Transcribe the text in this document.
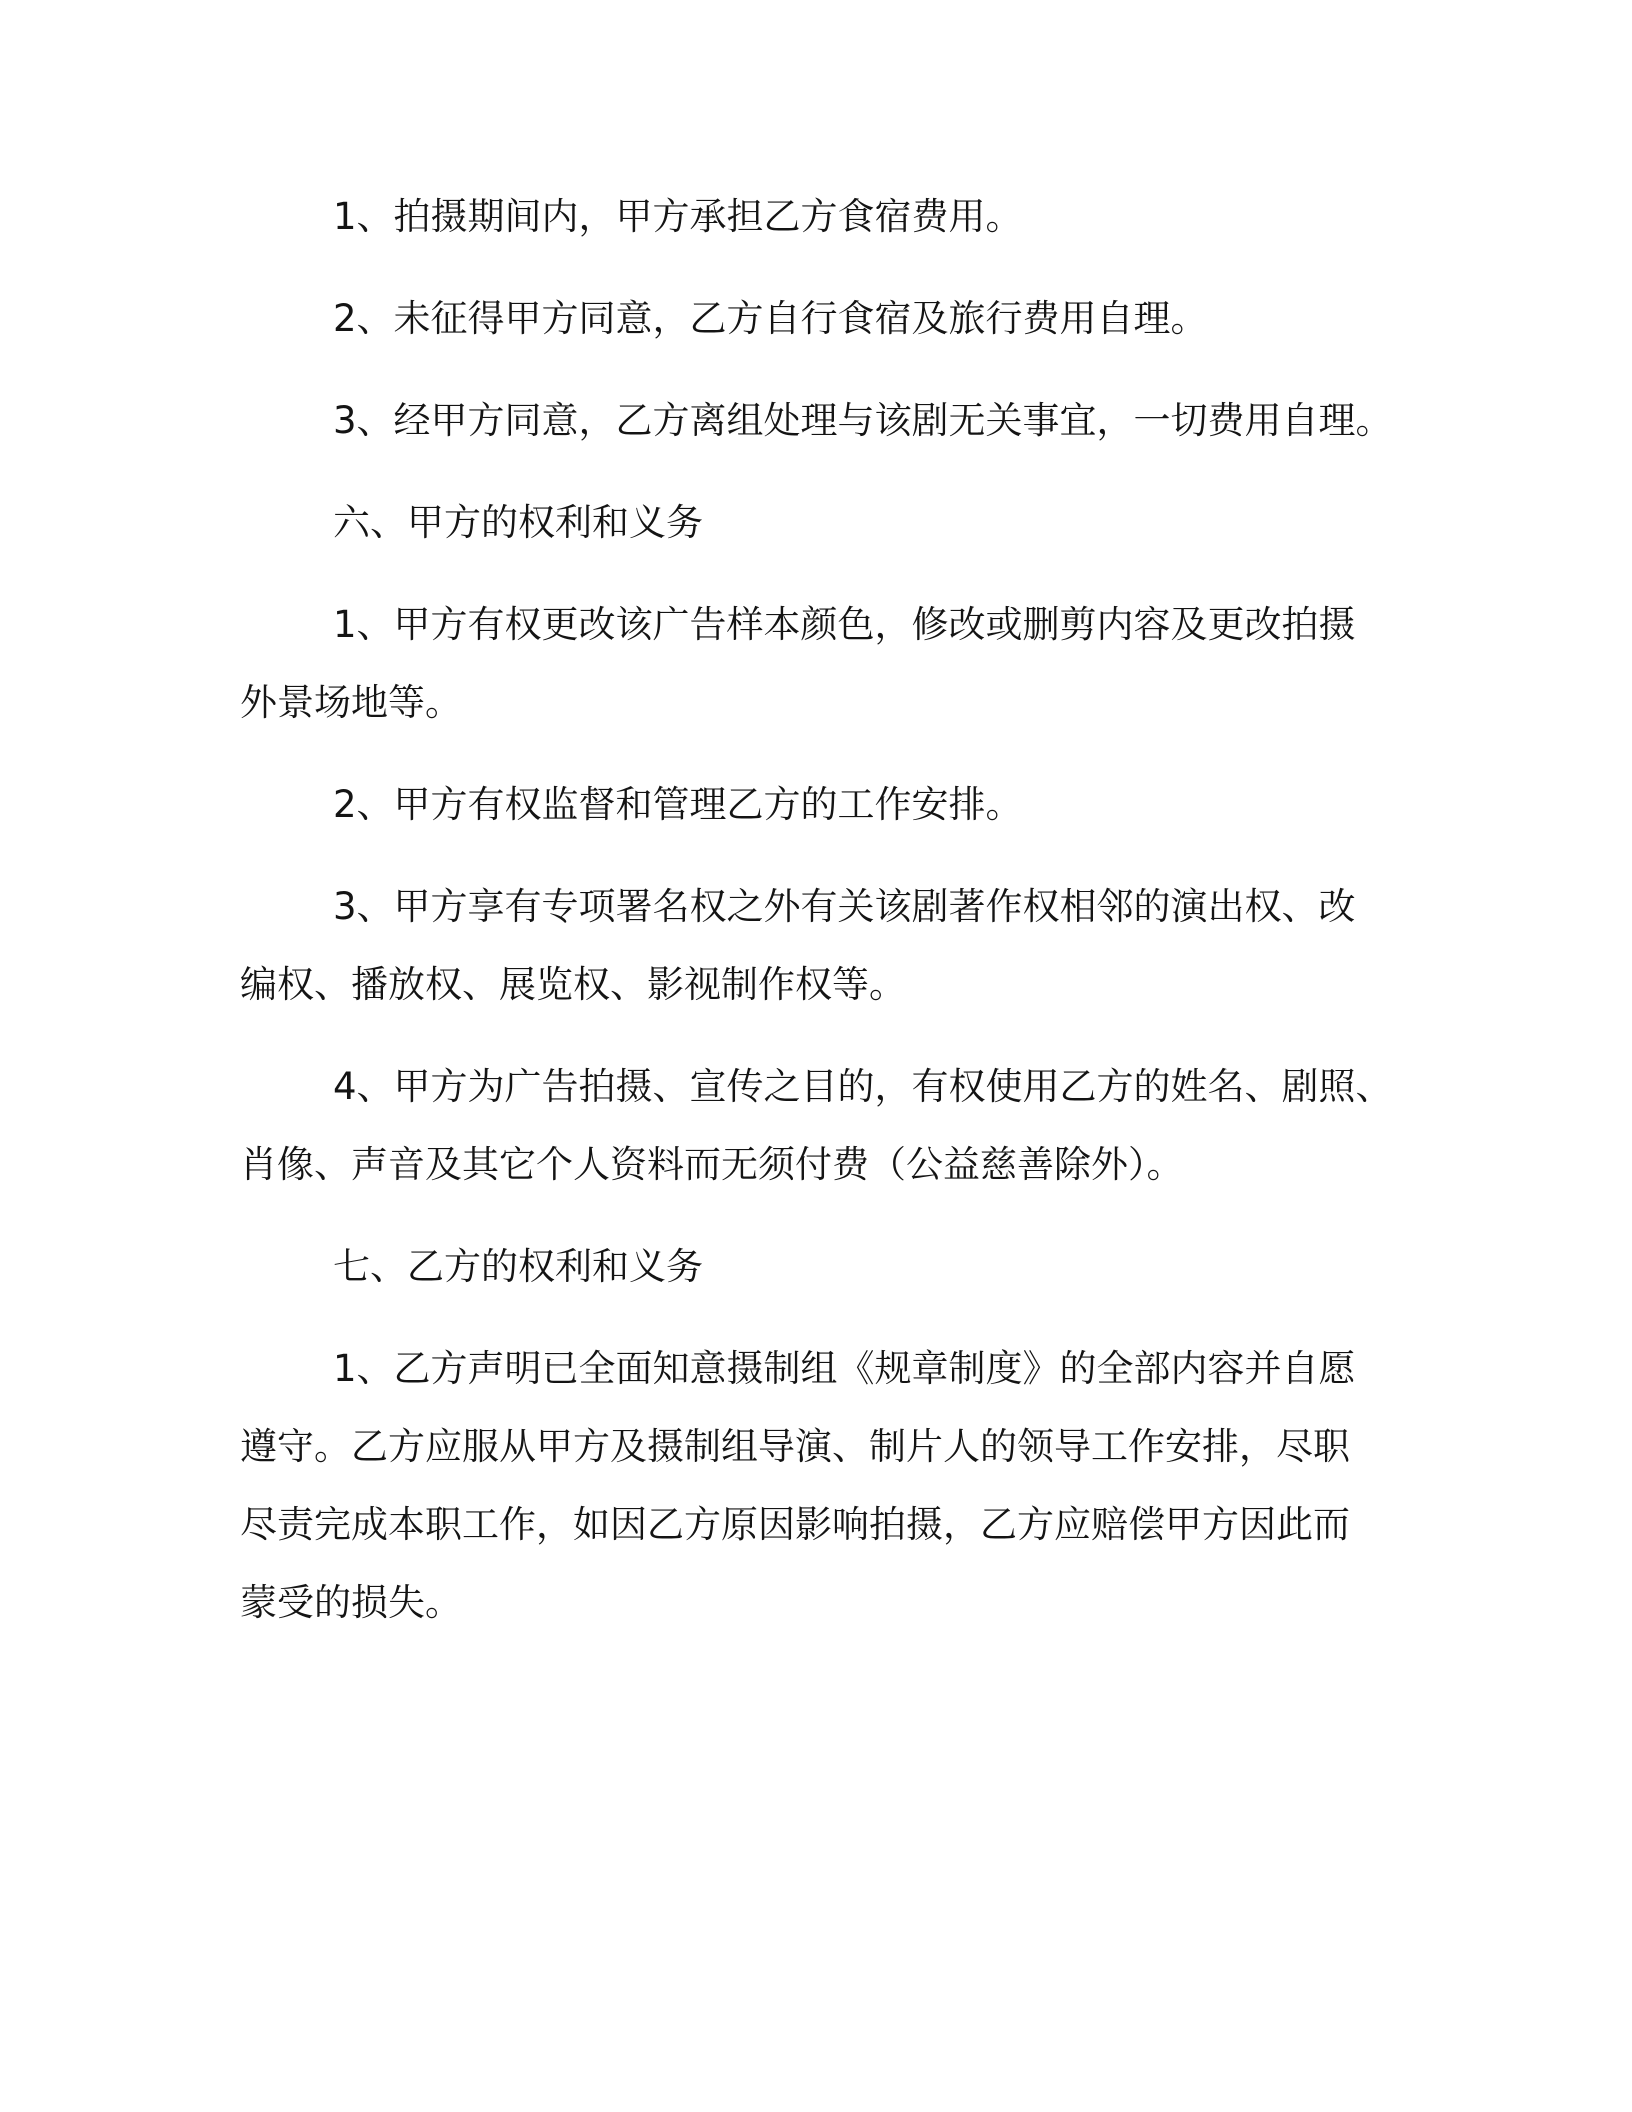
1、拍摄期间内，甲方承担乙方食宿费用。

2、未征得甲方同意，乙方自行食宿及旅行费用自理。

3、经甲方同意，乙方离组处理与该剧无关事宜，一切费用自理。

六、甲方的权利和义务

1、甲方有权更改该广告样本颜色，修改或删剪内容及更改拍摄
外景场地等。

2、甲方有权监督和管理乙方的工作安排。

3、甲方享有专项署名权之外有关该剧著作权相邻的演出权、改
编权、播放权、展览权、影视制作权等。

4、甲方为广告拍摄、宣传之目的，有权使用乙方的姓名、剧照、
肖像、声音及其它个人资料而无须付费（公益慈善除外）。

七、乙方的权利和义务

1、乙方声明已全面知意摄制组《规章制度》的全部内容并自愿
遵守。乙方应服从甲方及摄制组导演、制片人的领导工作安排，尽职
尽责完成本职工作，如因乙方原因影响拍摄，乙方应赔偿甲方因此而
蒙受的损失。
